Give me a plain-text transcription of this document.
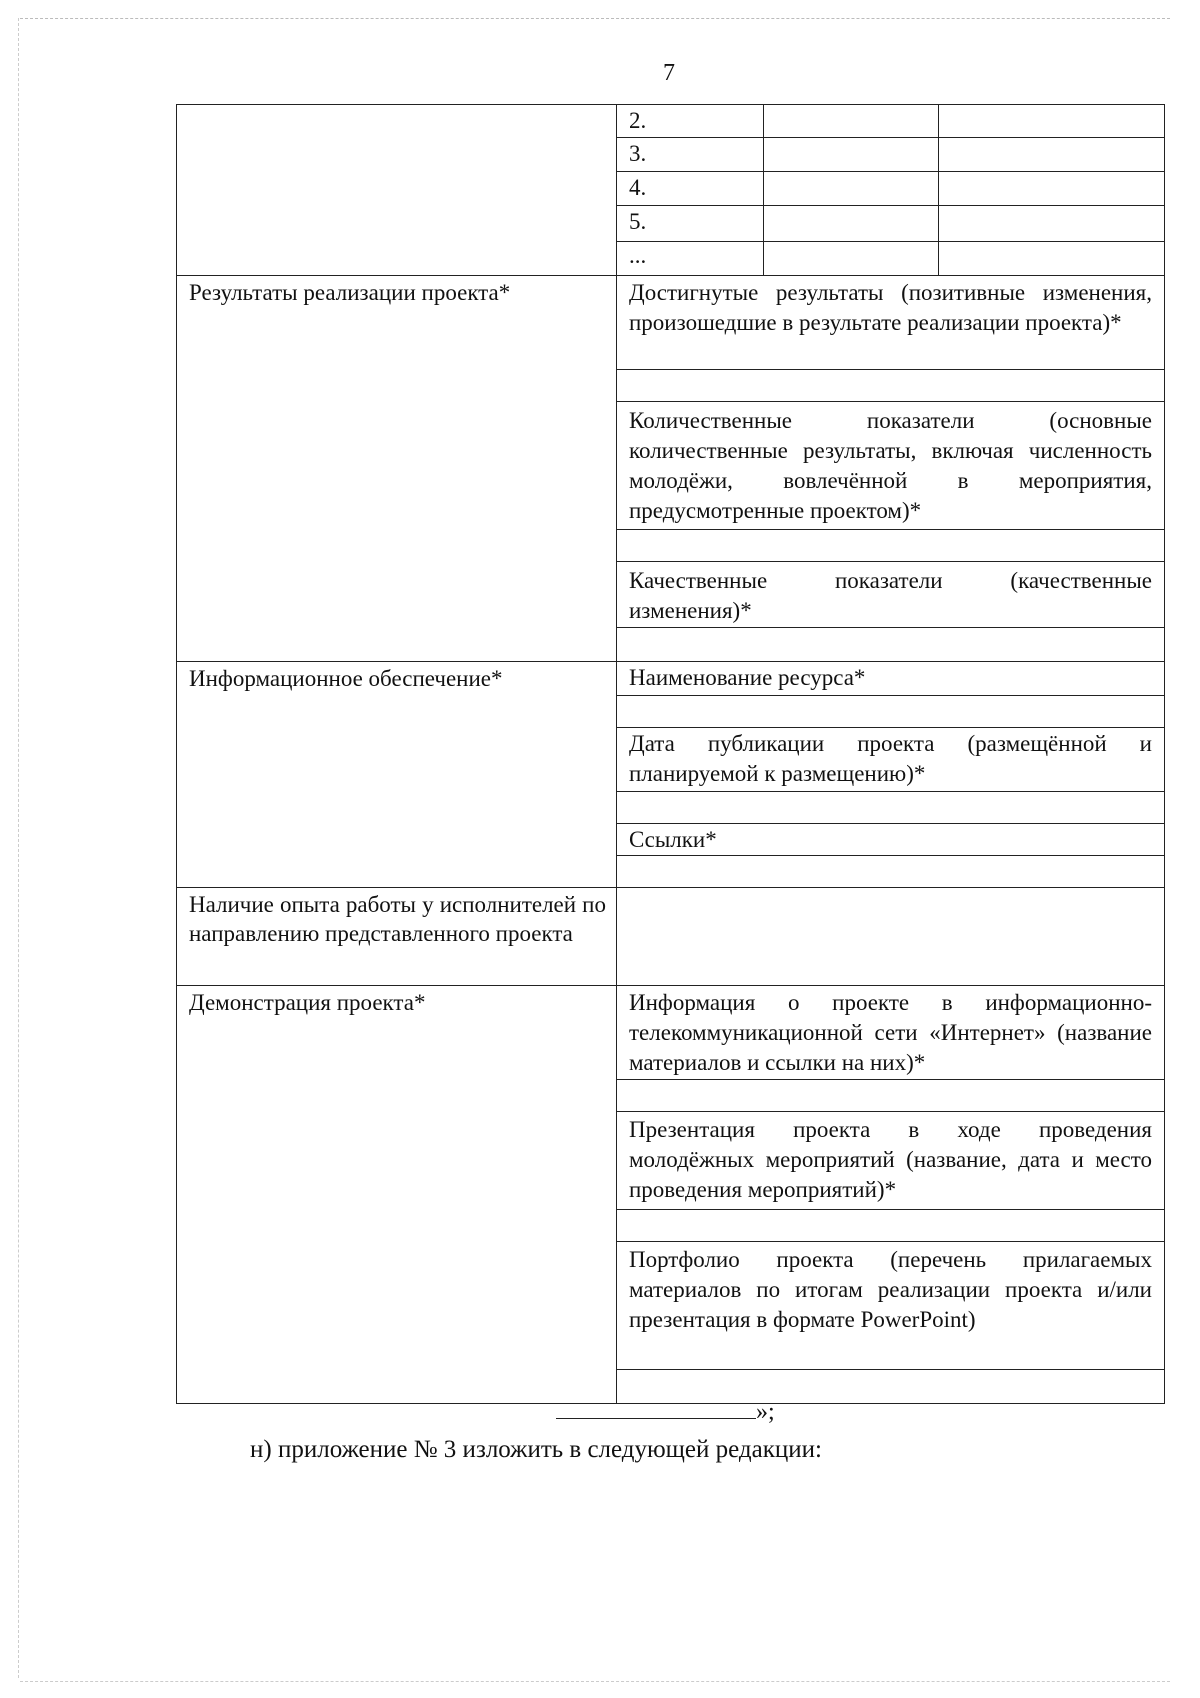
7
2.
3.
4.
5.
...
Результаты реализации проекта*	Достигнутые результаты (позитивные изменения, произошедшие в результате реализации проекта)*
Количественные показатели (основные количественные результаты, включая численность молодёжи, вовлечённой в мероприятия, предусмотренные проектом)*
Качественные показатели (качественные изменения)*
Информационное обеспечение*	Наименование ресурса*
Дата публикации проекта (размещённой и планируемой к размещению)*
Ссылки*
Наличие опыта работы у исполнителей по направлению представленного проекта
Демонстрация проекта*	Информация о проекте в информационно-телекоммуникационной сети «Интернет» (название материалов и ссылки на них)*
Презентация проекта в ходе проведения молодёжных мероприятий (название, дата и место проведения мероприятий)*
Портфолио проекта (перечень прилагаемых материалов по итогам реализации проекта и/или презентация в формате PowerPoint)
»;
н) приложение № 3 изложить в следующей редакции:
